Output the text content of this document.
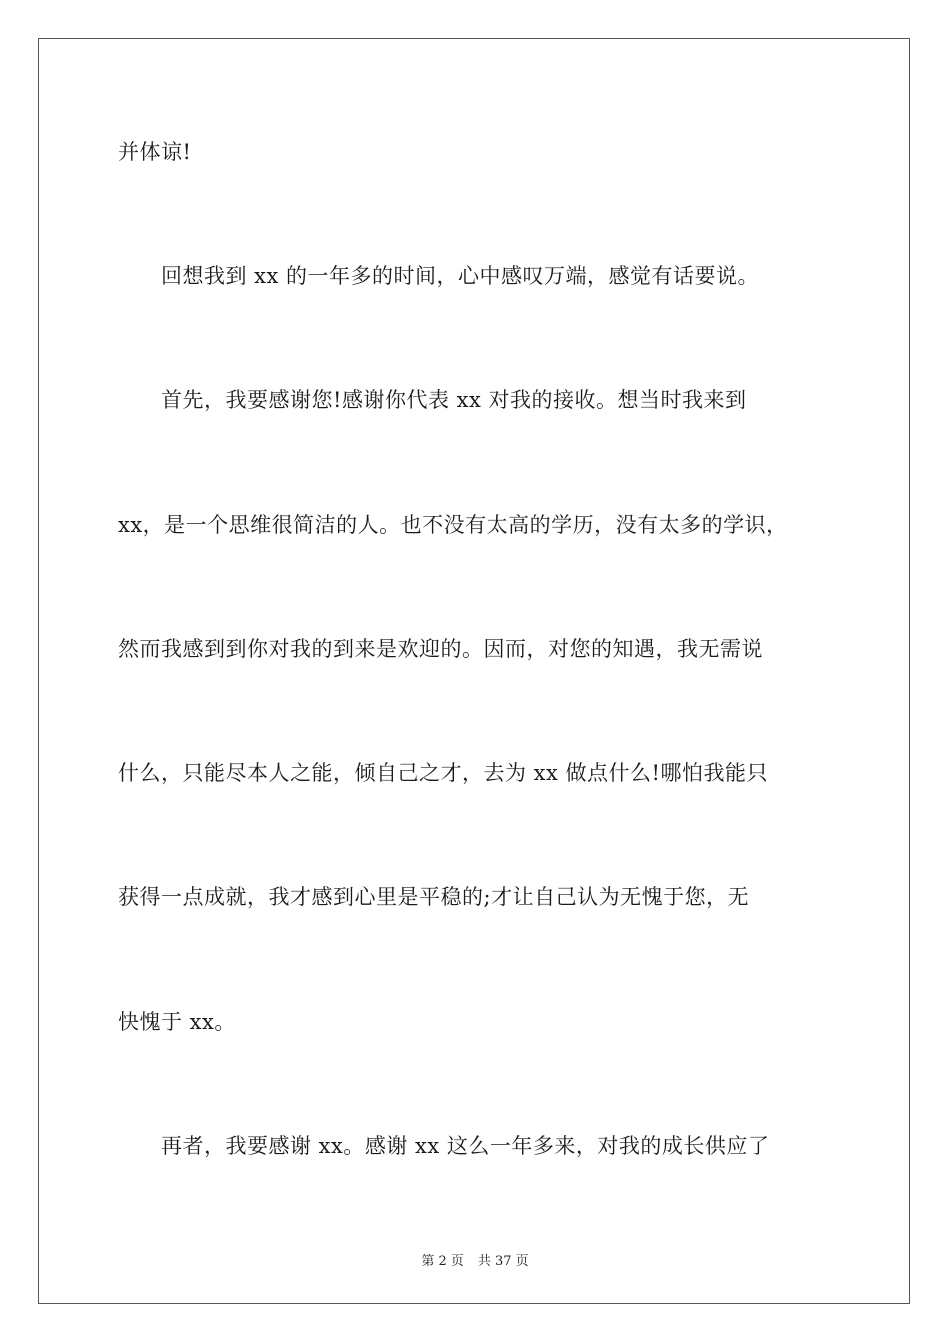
并体谅!
　　回想我到 xx 的一年多的时间，心中感叹万端，感觉有话要说。
　　首先，我要感谢您!感谢你代表 xx 对我的接收。想当时我来到
xx，是一个思维很简洁的人。也不没有太高的学历，没有太多的学识，
然而我感到到你对我的到来是欢迎的。因而，对您的知遇，我无需说
什么，只能尽本人之能，倾自己之才，去为 xx 做点什么!哪怕我能只
获得一点成就，我才感到心里是平稳的;才让自己认为无愧于您，无
快愧于 xx。
　　再者，我要感谢 xx。感谢 xx 这么一年多来，对我的成长供应了
第 2 页 共 37 页
